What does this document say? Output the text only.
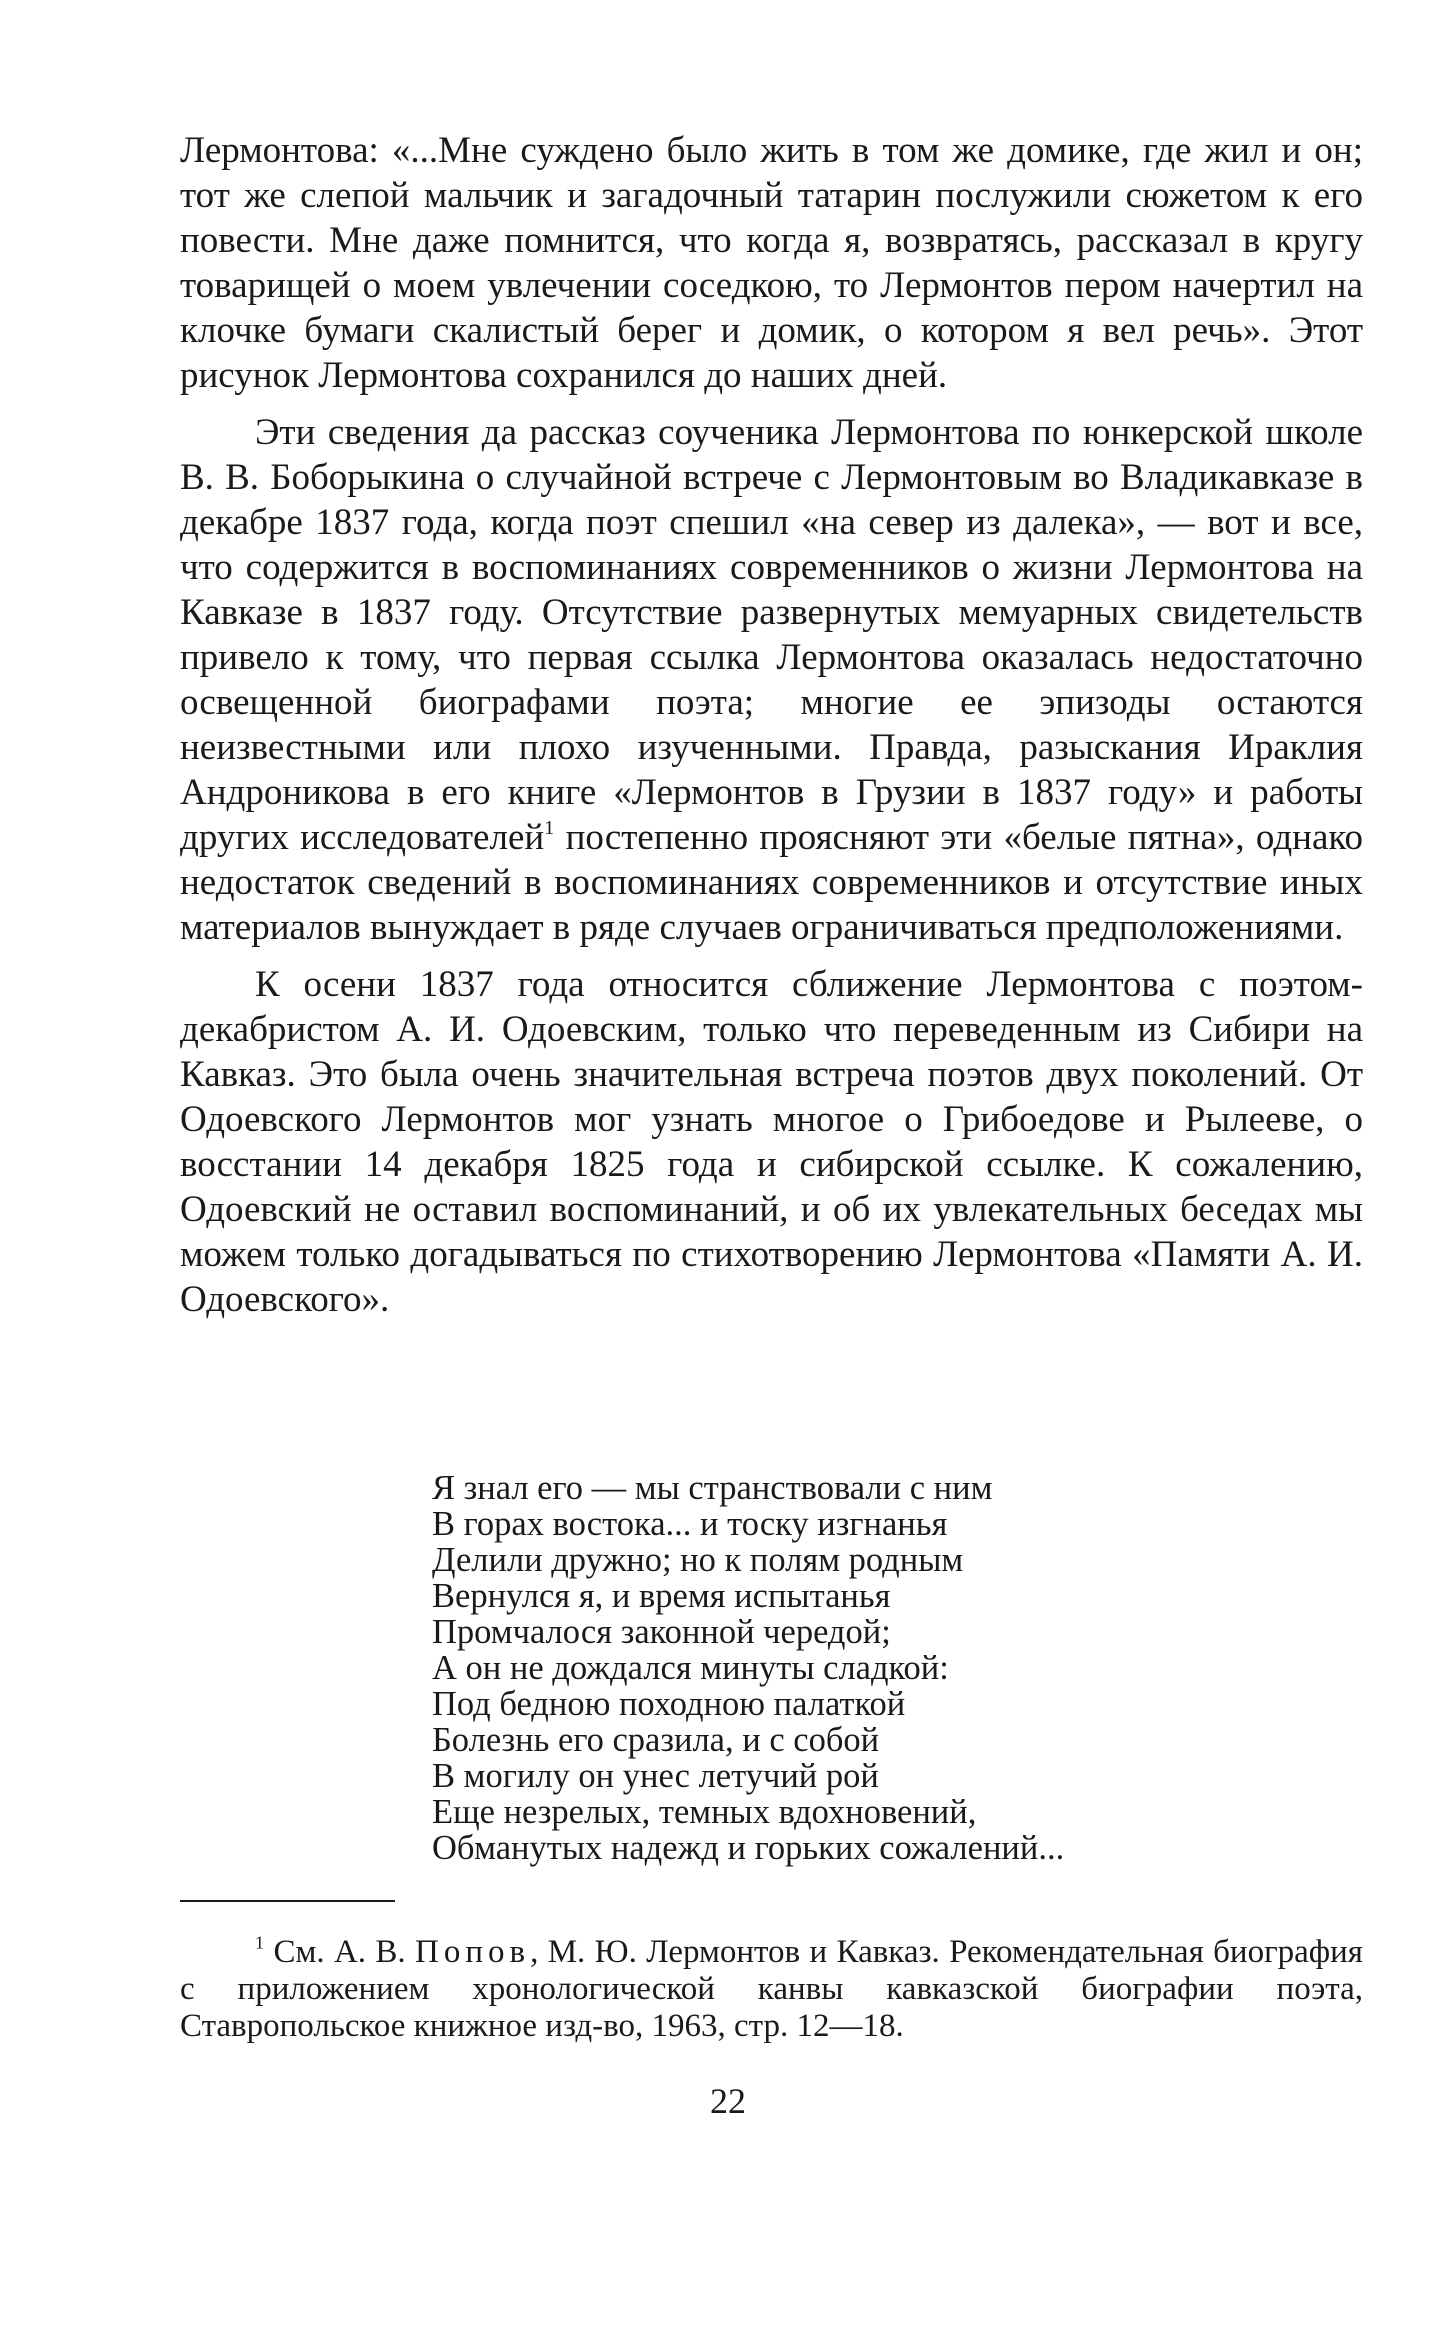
Лермонтова: «...Мне суждено было жить в том же домике, где жил и он; тот же слепой мальчик и загадочный татарин послужили сюжетом к его повести. Мне даже помнится, что когда я, возвратясь, рассказал в кругу товарищей о моем увлечении соседкою, то Лермонтов пером начертил на клочке бумаги скалистый берег и домик, о котором я вел речь». Этот рисунок Лермонтова сохранился до наших дней.

Эти сведения да рассказ соученика Лермонтова по юнкерской школе В. В. Боборыкина о случайной встрече с Лермонтовым во Владикавказе в декабре 1837 года, когда поэт спешил «на север из далека», — вот и все, что содержится в воспоминаниях современников о жизни Лермонтова на Кавказе в 1837 году. Отсутствие развернутых мемуарных свидетельств привело к тому, что первая ссылка Лермонтова оказалась недостаточно освещенной биографами поэта; многие ее эпизоды остаются неизвестными или плохо изученными. Правда, разыскания Ираклия Андроникова в его книге «Лермонтов в Грузии в 1837 году» и работы других исследователей$^1$ постепенно проясняют эти «белые пятна», однако недостаток сведений в воспоминаниях современников и отсутствие иных материалов вынуждает в ряде случаев ограничиваться предположениями.

К осени 1837 года относится сближение Лермонтова с поэтом-декабристом А. И. Одоевским, только что переведенным из Сибири на Кавказ. Это была очень значительная встреча поэтов двух поколений. От Одоевского Лермонтов мог узнать многое о Грибоедове и Рылееве, о восстании 14 декабря 1825 года и сибирской ссылке. К сожалению, Одоевский не оставил воспоминаний, и об их увлекательных беседах мы можем только догадываться по стихотворению Лермонтова «Памяти А. И. Одоевского».

Я знал его — мы странствовали с ним
В горах востока... и тоску изгнанья
Делили дружно; но к полям родным
Вернулся я, и время испытанья
Промчалося законной чередой;
А он не дождался минуты сладкой:
Под бедною походною палаткой
Болезнь его сразила, и с собой
В могилу он унес летучий рой
Еще незрелых, темных вдохновений,
Обманутых надежд и горьких сожалений...
$^1$ См. А. В. Попов, М. Ю. Лермонтов и Кавказ. Рекомендательная биография с приложением хронологической канвы кавказской биографии поэта, Ставропольское книжное изд-во, 1963, стр. 12—18.
22
